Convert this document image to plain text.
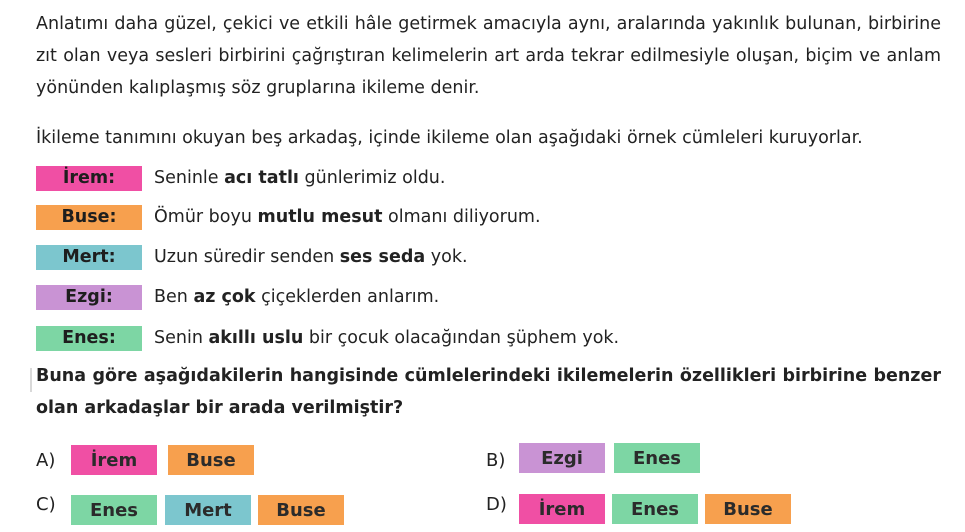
Anlatımı daha güzel, çekici ve etkili hâle getirmek amacıyla aynı, aralarında yakınlık bulunan, birbirine zıt olan veya sesleri birbirini çağrıştıran kelimelerin art arda tekrar edilmesiyle oluşan, biçim ve anlam yönünden kalıplaşmış söz gruplarına ikileme denir.
İkileme tanımını okuyan beş arkadaş, içinde ikileme olan aşağıdaki örnek cümleleri kuruyorlar.
İrem:	Seninle acı tatlı günlerimiz oldu.
Buse:	Ömür boyu mutlu mesut olmanı diliyorum.
Mert:	Uzun süredir senden ses seda yok.
Ezgi:	Ben az çok çiçeklerden anlarım.
Enes:	Senin akıllı uslu bir çocuk olacağından şüphem yok.
Buna göre aşağıdakilerin hangisinde cümlelerindeki ikilemelerin özellikleri birbirine benzer olan arkadaşlar bir arada verilmiştir?
A)	İrem	Buse	B)	Ezgi	Enes
C)	Enes	Mert	Buse	D)	İrem	Enes	Buse
